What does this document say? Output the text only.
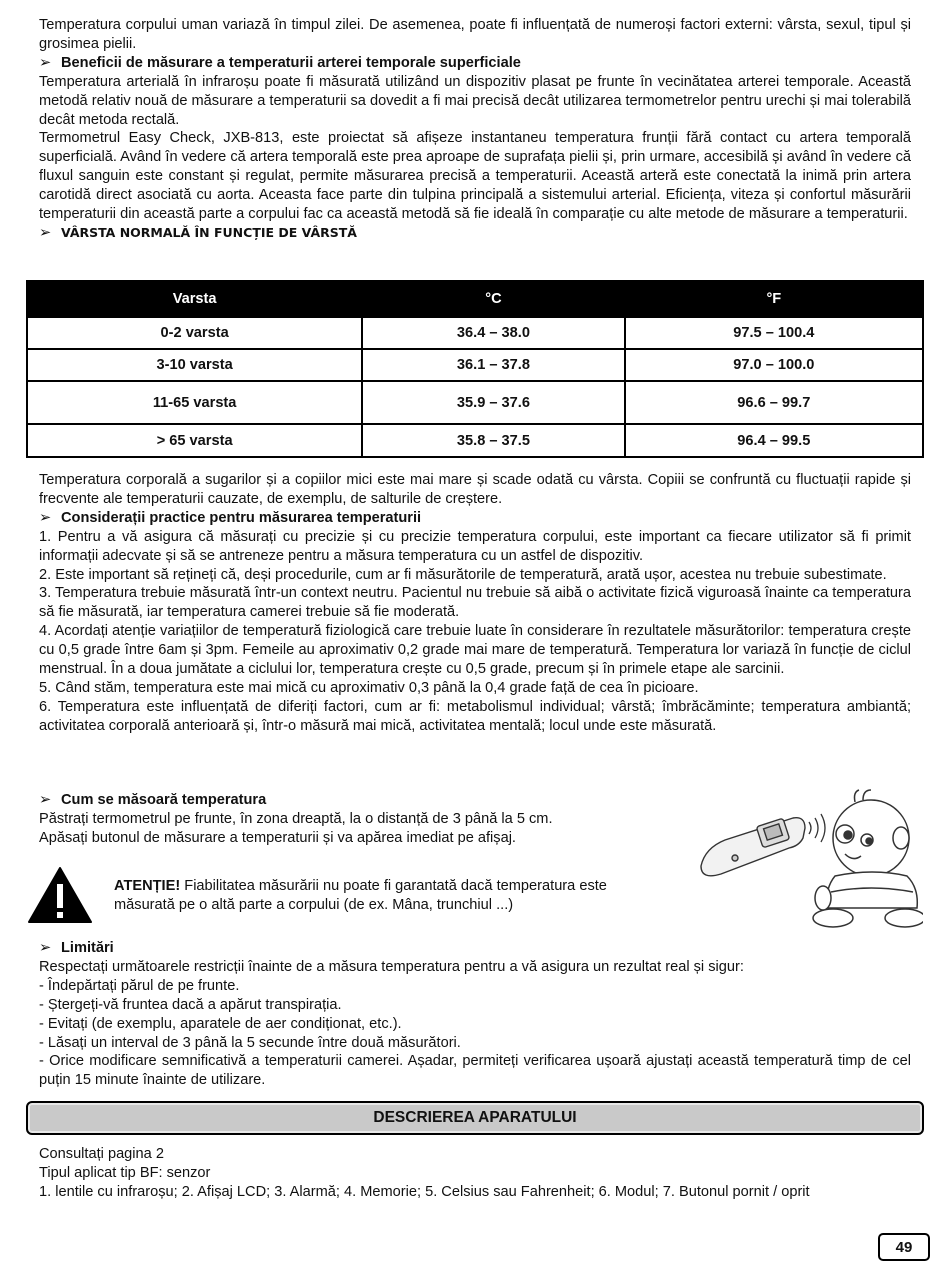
Temperatura corpului uman variază în timpul zilei. De asemenea, poate fi influențată de numeroși factori externi: vârsta, sexul, tipul și grosimea pielii.

➢ Beneficii de măsurare a temperaturii arterei temporale superficiale

Temperatura arterială în infraroșu poate fi măsurată utilizând un dispozitiv plasat pe frunte în vecinătatea arterei temporale. Această metodă relativ nouă de măsurare a temperaturii sa dovedit a fi mai precisă decât utilizarea termometrelor pentru urechi și mai tolerabilă decât metoda rectală.

Termometrul Easy Check, JXB-813, este proiectat să afișeze instantaneu temperatura frunții fără contact cu artera temporală superficială. Având în vedere că artera temporală este prea aproape de suprafața pielii și, prin urmare, accesibilă și având în vedere că fluxul sanguin este constant și regulat, permite măsurarea precisă a temperaturii. Această arteră este conectată la inimă prin artera carotidă direct asociată cu aorta. Aceasta face parte din tulpina principală a sistemului arterial. Eficiența, viteza și confortul măsurării temperaturii din această parte a corpului fac ca această metodă să fie ideală în comparație cu alte metode de măsurare a temperaturii.

➢ VÂRSTA NORMALĂ ÎN FUNCȚIE DE VÂRSTĂ
Varsta	°C	°F
0-2 varsta	36.4 – 38.0	97.5 – 100.4
3-10 varsta	36.1 – 37.8	97.0 – 100.0
11-65 varsta	35.9 – 37.6	96.6 – 99.7
> 65 varsta	35.8 – 37.5	96.4 – 99.5

Temperatura corporală a sugarilor și a copiilor mici este mai mare și scade odată cu vârsta. Copiii se confruntă cu fluctuații rapide și frecvente ale temperaturii cauzate, de exemplu, de salturile de creștere.

➢ Considerații practice pentru măsurarea temperaturii

1. Pentru a vă asigura că măsurați cu precizie și cu precizie temperatura corpului, este important ca fiecare utilizator să fi primit informații adecvate și să se antreneze pentru a măsura temperatura cu un astfel de dispozitiv.

2. Este important să rețineți că, deși procedurile, cum ar fi măsurătorile de temperatură, arată ușor, acestea nu trebuie subestimate.

3. Temperatura trebuie măsurată într-un context neutru. Pacientul nu trebuie să aibă o activitate fizică viguroasă înainte ca temperatura să fie măsurată, iar temperatura camerei trebuie să fie moderată.

4. Acordați atenție variațiilor de temperatură fiziologică care trebuie luate în considerare în rezultatele măsurătorilor: temperatura crește cu 0,5 grade între 6am și 3pm. Femeile au aproximativ 0,2 grade mai mare de temperatură. Temperatura lor variază în funcție de ciclul menstrual. În a doua jumătate a ciclului lor, temperatura crește cu 0,5 grade, precum și în primele etape ale sarcinii.

5. Când stăm, temperatura este mai mică cu aproximativ 0,3 până la 0,4 grade față de cea în picioare.

6. Temperatura este influențată de diferiți factori, cum ar fi: metabolismul individual; vârstă; îmbrăcăminte; temperatura ambiantă; activitatea corporală anterioară și, într-o măsură mai mică, activitatea mentală; locul unde este măsurată.

➢ Cum se măsoară temperatura

Păstrați termometrul pe frunte, în zona dreaptă, la o distanță de 3 până la 5 cm.

Apăsați butonul de măsurare a temperaturii și va apărea imediat pe afișaj.

ATENȚIE! Fiabilitatea măsurării nu poate fi garantată dacă temperatura este măsurată pe o altă parte a corpului (de ex. Mâna, trunchiul ...)
➢ Limitări

Respectați următoarele restricții înainte de a măsura temperatura pentru a vă asigura un rezultat real și sigur:

- Îndepărtați părul de pe frunte.

- Ștergeți-vă fruntea dacă a apărut transpirația.

- Evitați (de exemplu, aparatele de aer condiționat, etc.).

- Lăsați un interval de 3 până la 5 secunde între două măsurători.

- Orice modificare semnificativă a temperaturii camerei. Așadar, permiteți verificarea ușoară ajustați această temperatură timp de cel puțin 15 minute înainte de utilizare.

DESCRIEREA APARATULUI

Consultați pagina 2

Tipul aplicat tip BF: senzor

1. lentile cu infraroșu; 2. Afișaj LCD; 3. Alarmă; 4. Memorie; 5. Celsius sau Fahrenheit; 6. Modul; 7. Butonul pornit / oprit

49
